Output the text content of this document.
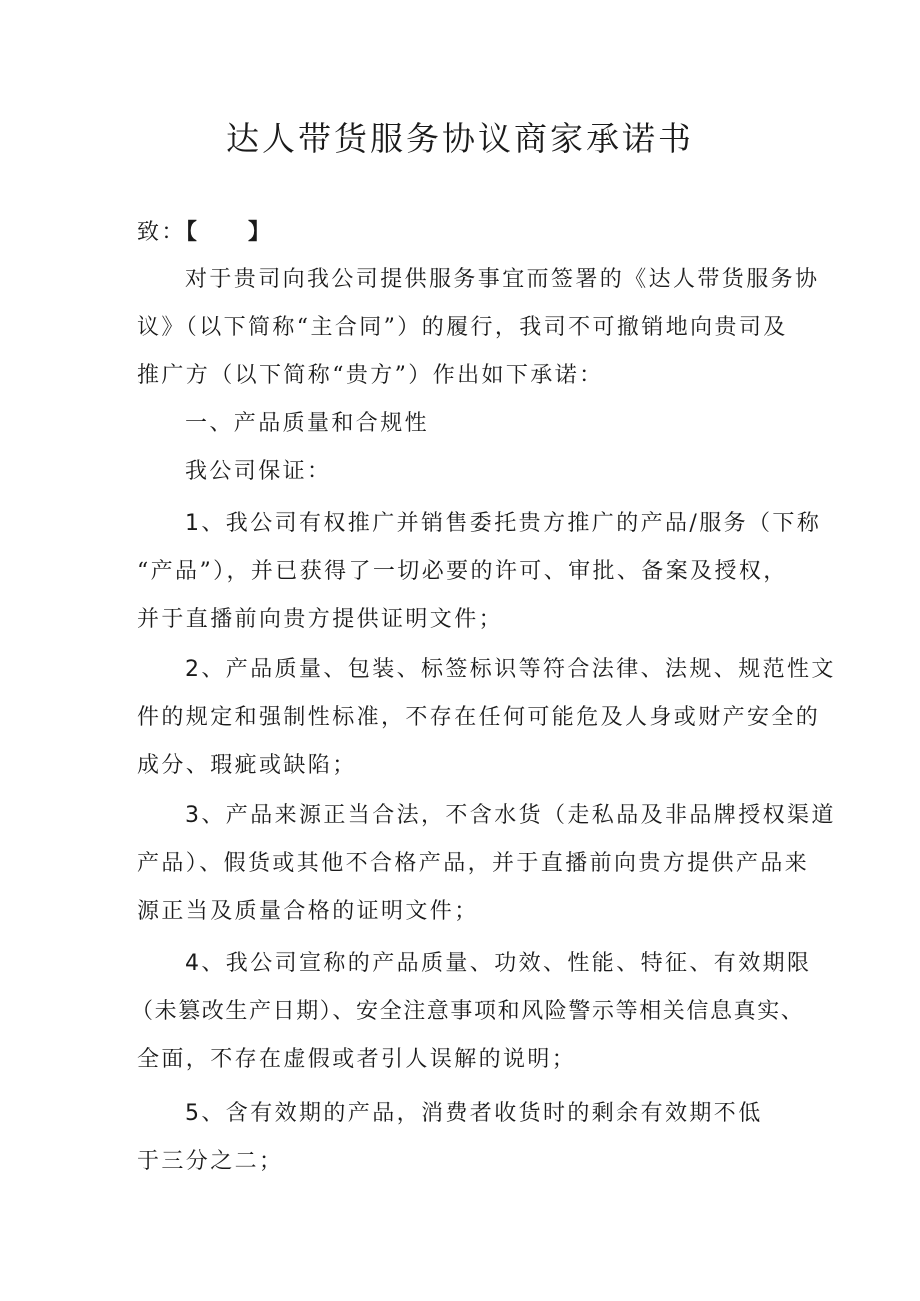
达人带货服务协议商家承诺书
致：【　　 】
对于贵司向我公司提供服务事宜而签署的《达人带货服务协
议》（以下简称“主合同”）的履行，我司不可撤销地向贵司及
推广方（以下简称“贵方”）作出如下承诺：
一、产品质量和合规性
我公司保证：
1、我公司有权推广并销售委托贵方推广的产品/服务（下称
“产品”），并已获得了一切必要的许可、审批、备案及授权，
并于直播前向贵方提供证明文件；
2、产品质量、包装、标签标识等符合法律、法规、规范性文
件的规定和强制性标准，不存在任何可能危及人身或财产安全的
成分、瑕疵或缺陷；
3、产品来源正当合法，不含水货（走私品及非品牌授权渠道
产品）、假货或其他不合格产品，并于直播前向贵方提供产品来
源正当及质量合格的证明文件；
4、我公司宣称的产品质量、功效、性能、特征、有效期限
（未篡改生产日期）、安全注意事项和风险警示等相关信息真实、
全面，不存在虚假或者引人误解的说明；
5、含有效期的产品，消费者收货时的剩余有效期不低
于三分之二；
